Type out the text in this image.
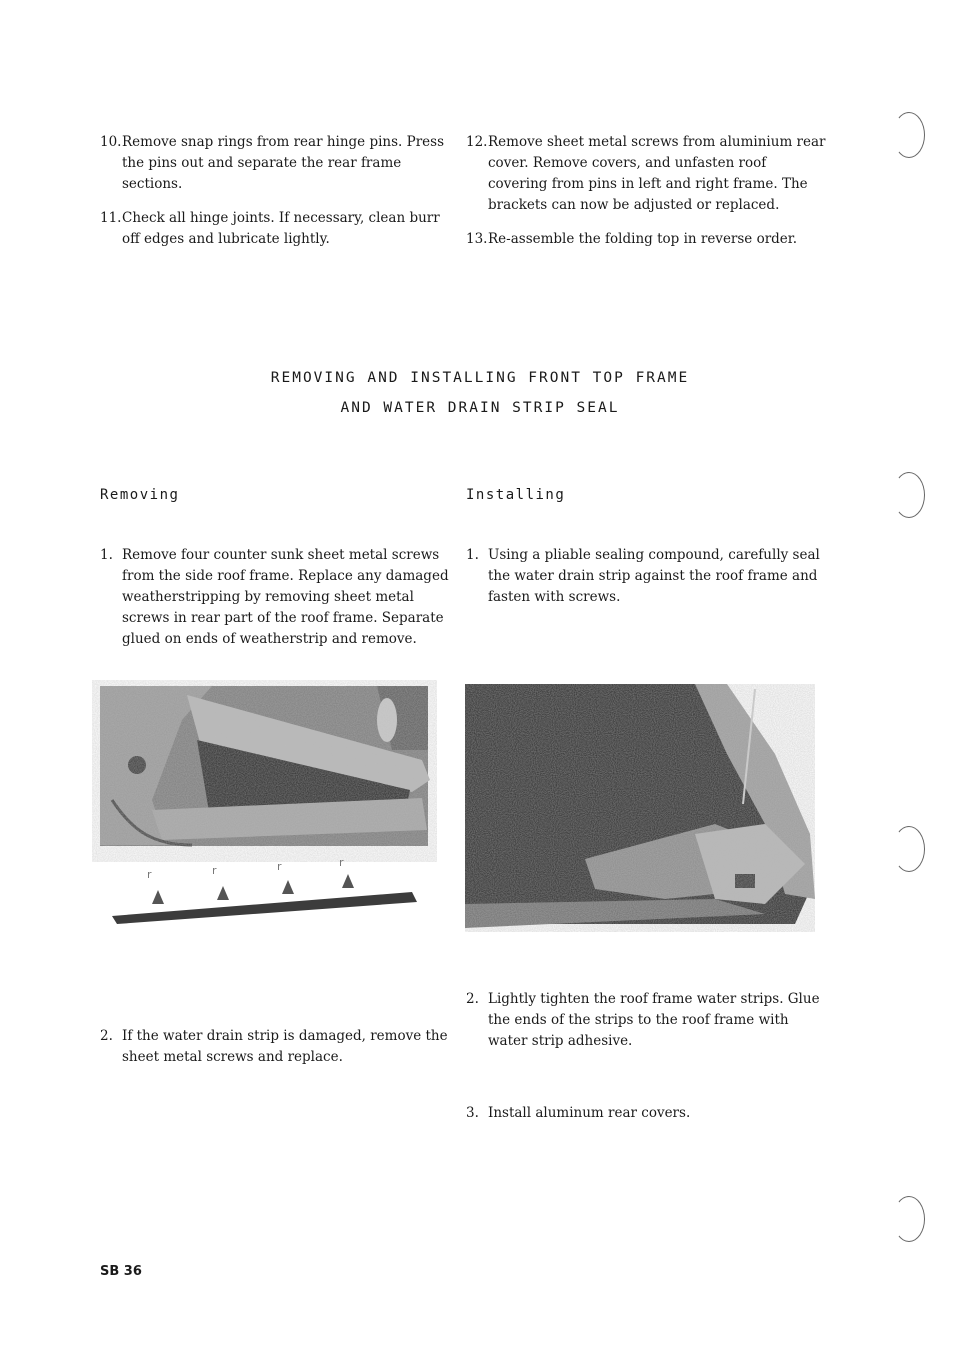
10. Remove snap rings from rear hinge pins. Press the pins out and separate the rear frame sections.
11. Check all hinge joints. If necessary, clean burr off edges and lubricate lightly.
12. Remove sheet metal screws from aluminium rear cover. Remove covers, and unfasten roof covering from pins in left and right frame. The brackets can now be adjusted or replaced.
13. Re-assemble the folding top in reverse order.
REMOVING AND INSTALLING FRONT TOP FRAME
AND WATER DRAIN STRIP SEAL
Removing	Installing
1. Remove four counter sunk sheet metal screws from the side roof frame. Replace any damaged weatherstripping by removing sheet metal screws in rear part of the roof frame. Separate glued on ends of weatherstrip and remove.
1. Using a pliable sealing compound, carefully seal the water drain strip against the roof frame and fasten with screws.
r	r	r	r
2. If the water drain strip is damaged, remove the sheet metal screws and replace.
2. Lightly tighten the roof frame water strips. Glue the ends of the strips to the roof frame with water strip adhesive.
3. Install aluminum rear covers.
SB 36
